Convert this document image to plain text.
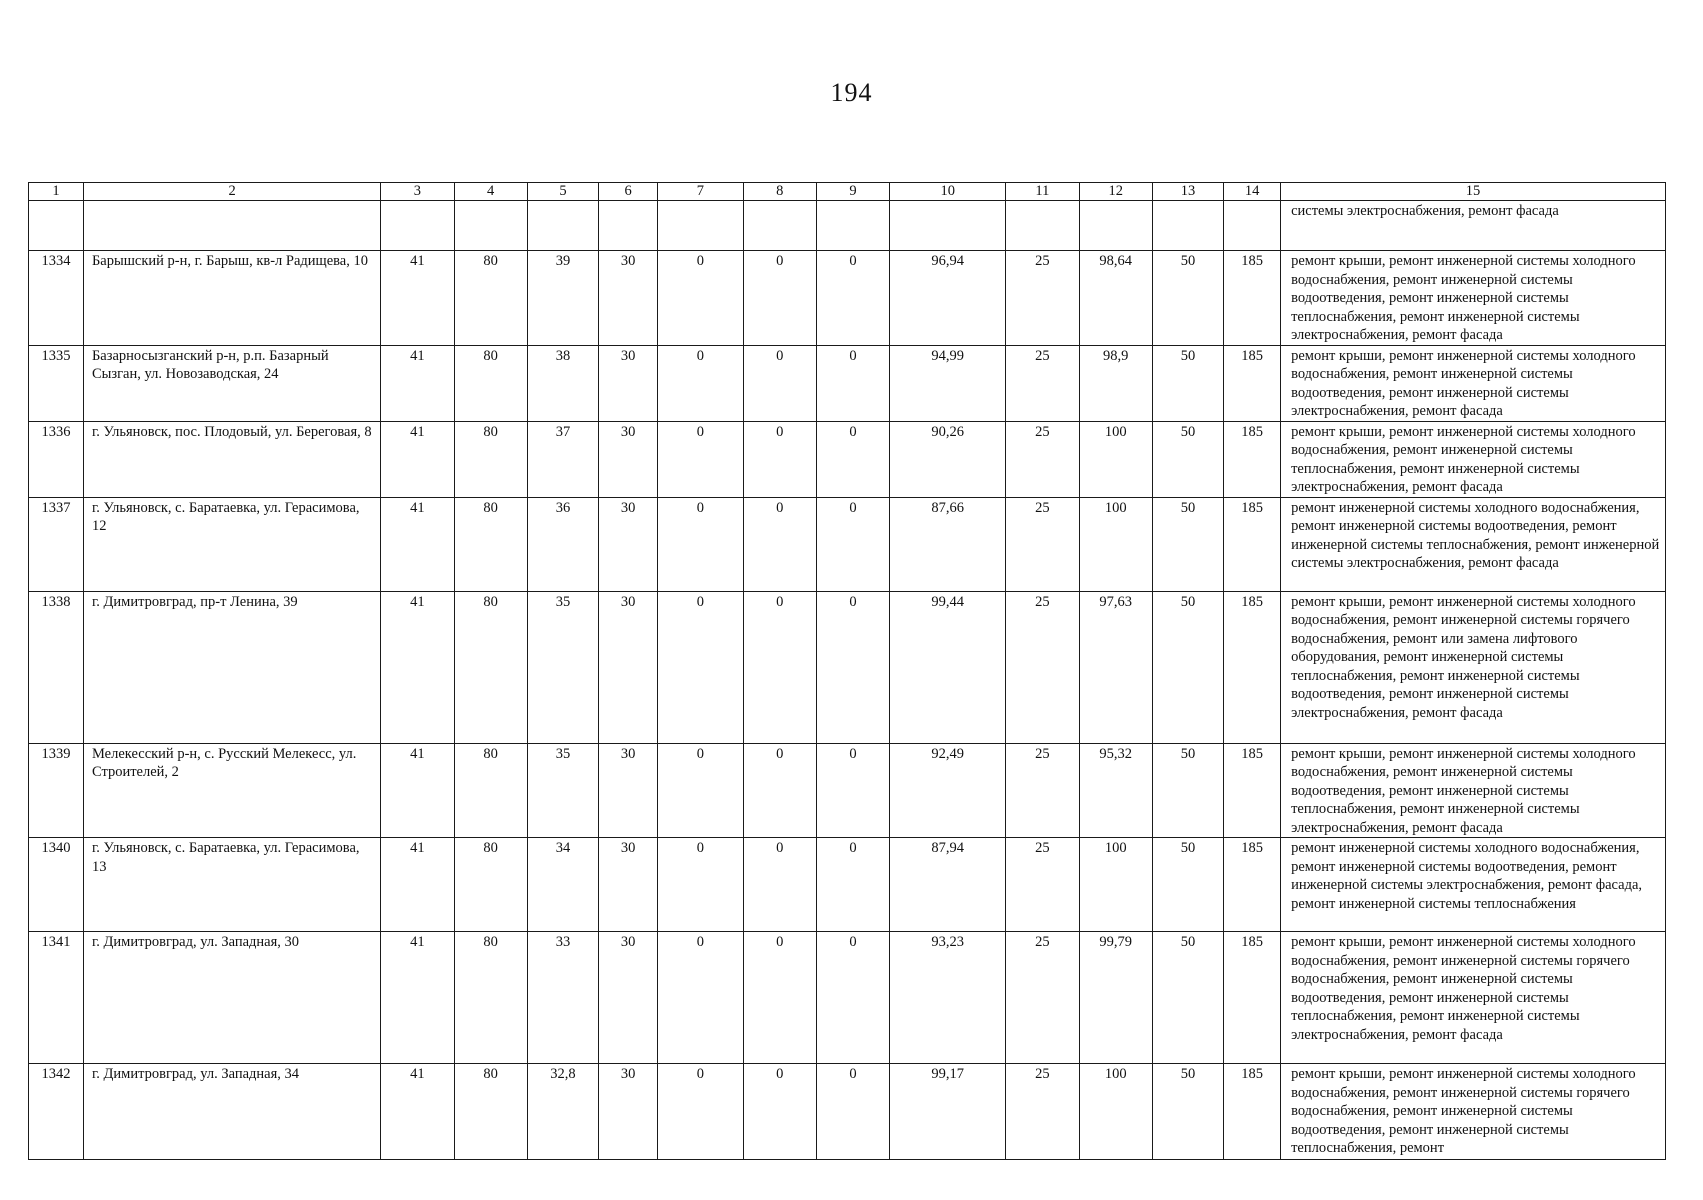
194
1	2	3	4	5	6	7	8	9	10	11	12	13	14	15
														системы электроснабжения, ремонт фасада
1334	Барышский р-н, г. Барыш, кв-л Радищева, 10	41	80	39	30	0	0	0	96,94	25	98,64	50	185	ремонт крыши, ремонт инженерной системы холодного водоснабжения, ремонт инженерной системы водоотведения, ремонт инженерной системы теплоснабжения, ремонт инженерной системы электроснабжения, ремонт фасада
1335	Базарносызганский р-н, р.п. Базарный Сызган, ул. Новозаводская, 24	41	80	38	30	0	0	0	94,99	25	98,9	50	185	ремонт крыши, ремонт инженерной системы холодного водоснабжения, ремонт инженерной системы водоотведения, ремонт инженерной системы электроснабжения, ремонт фасада
1336	г. Ульяновск, пос. Плодовый, ул. Береговая, 8	41	80	37	30	0	0	0	90,26	25	100	50	185	ремонт крыши, ремонт инженерной системы холодного водоснабжения, ремонт инженерной системы теплоснабжения, ремонт инженерной системы электроснабжения, ремонт фасада
1337	г. Ульяновск, с. Баратаевка, ул. Герасимова, 12	41	80	36	30	0	0	0	87,66	25	100	50	185	ремонт инженерной системы холодного водоснабжения, ремонт инженерной системы водоотведения, ремонт инженерной системы теплоснабжения, ремонт инженерной системы электроснабжения, ремонт фасада
1338	г. Димитровград, пр-т Ленина, 39	41	80	35	30	0	0	0	99,44	25	97,63	50	185	ремонт крыши, ремонт инженерной системы холодного водоснабжения, ремонт инженерной системы горячего водоснабжения, ремонт или замена лифтового оборудования, ремонт инженерной системы теплоснабжения, ремонт инженерной системы водоотведения, ремонт инженерной системы электроснабжения, ремонт фасада
1339	Мелекесский р-н, с. Русский Мелекесс, ул. Строителей, 2	41	80	35	30	0	0	0	92,49	25	95,32	50	185	ремонт крыши, ремонт инженерной системы холодного водоснабжения, ремонт инженерной системы водоотведения, ремонт инженерной системы теплоснабжения, ремонт инженерной системы электроснабжения, ремонт фасада
1340	г. Ульяновск, с. Баратаевка, ул. Герасимова, 13	41	80	34	30	0	0	0	87,94	25	100	50	185	ремонт инженерной системы холодного водоснабжения, ремонт инженерной системы водоотведения, ремонт инженерной системы электроснабжения, ремонт фасада, ремонт инженерной системы теплоснабжения
1341	г. Димитровград, ул. Западная, 30	41	80	33	30	0	0	0	93,23	25	99,79	50	185	ремонт крыши, ремонт инженерной системы холодного водоснабжения, ремонт инженерной системы горячего водоснабжения, ремонт инженерной системы водоотведения, ремонт инженерной системы теплоснабжения, ремонт инженерной системы электроснабжения, ремонт фасада
1342	г. Димитровград, ул. Западная, 34	41	80	32,8	30	0	0	0	99,17	25	100	50	185	ремонт крыши, ремонт инженерной системы холодного водоснабжения, ремонт инженерной системы горячего водоснабжения, ремонт инженерной системы водоотведения, ремонт инженерной системы теплоснабжения, ремонт
